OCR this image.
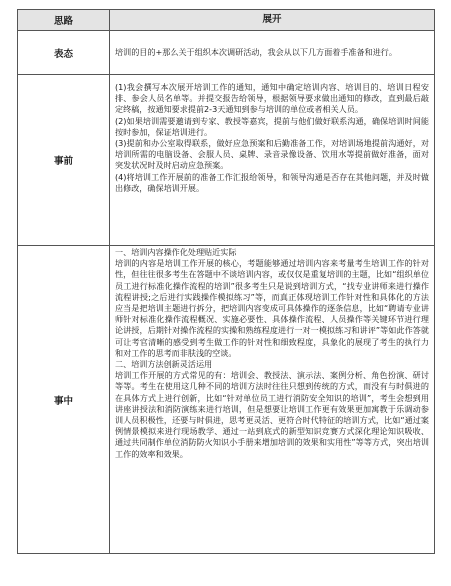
思路	展开
表态	培训的目的+那么关于组织本次调研活动，我会从以下几方面着手准备和进行。

事前

(1)我会撰写本次展开培训工作的通知，通知中确定培训内容、培训目的、培训日程安排、参会人员名单等。并提交报告给领导，根据领导要求做出通知的修改，直到最后敲定终稿，按通知要求提前2-3天通知到参与培训的单位或者相关人员。

(2)如果培训需要邀请到专家、教授等嘉宾，提前与他们做好联系沟通，确保培训时间能按时参加，保证培训进行。

(3)提前和办公室取得联系，做好应急预案和后勤准备工作，对培训场地提前沟通好，对培训所需的电脑设备、会服人员、桌牌、录音录像设备、饮用水等提前做好准备，面对突发状况时及时启动应急预案。

(4)将培训工作开展前的准备工作汇报给领导，和领导沟通是否存在其他问题，并及时做出修改，确保培训开展。

事中

一、培训内容操作化处理贴近实际

培训的内容是培训工作开展的核心，考题能够通过培训内容来考量考生培训工作的针对性，但往往很多考生在答题中不谈培训内容，或仅仅是重复培训的主题，比如“组织单位员工进行标准化操作流程的培训”很多考生只是说到培训方式，“找专业讲师来进行操作流程讲授;之后进行实践操作模拟练习”等，而真正体现培训工作针对性和具体化的方法应当是把培训主题进行拆分，把培训内容变成可具体操作的逐条信息，比如“聘请专业讲师针对标准化操作流程概况、实施必要性、具体操作流程、人员操作等关键环节进行理论讲授，后期针对操作流程的实操和熟练程度进行一对一模拟练习和讲评”等如此作答就可让考官清晰的感受到考生做工作的针对性和细致程度，具象化的展现了考生的执行力和对工作的思考而非肤浅的空谈。

二、培训方法创新灵活运用

培训工作开展的方式常见的有：培训会、教授法、演示法、案例分析、角色扮演、研讨等等。考生在使用这几种不同的培训方法时往往只想到传统的方式，而没有与时俱进的在具体方式上进行创新，比如“针对单位员工进行消防安全知识的培训”，考生会想到用讲座讲授法和消防演练来进行培训，但是想要让培训工作更有效果更加寓教于乐调动参训人员积极性，还要与时俱进，思考更灵活、更符合时代特征的培训方式，比如“通过案例情景模拟来进行现场教学、通过一站到底式的新型知识竞赛方式深化理论知识吸收、通过共同制作单位消防防火知识小手册来增加培训的效果和实用性”等等方式，突出培训工作的效率和效果。
